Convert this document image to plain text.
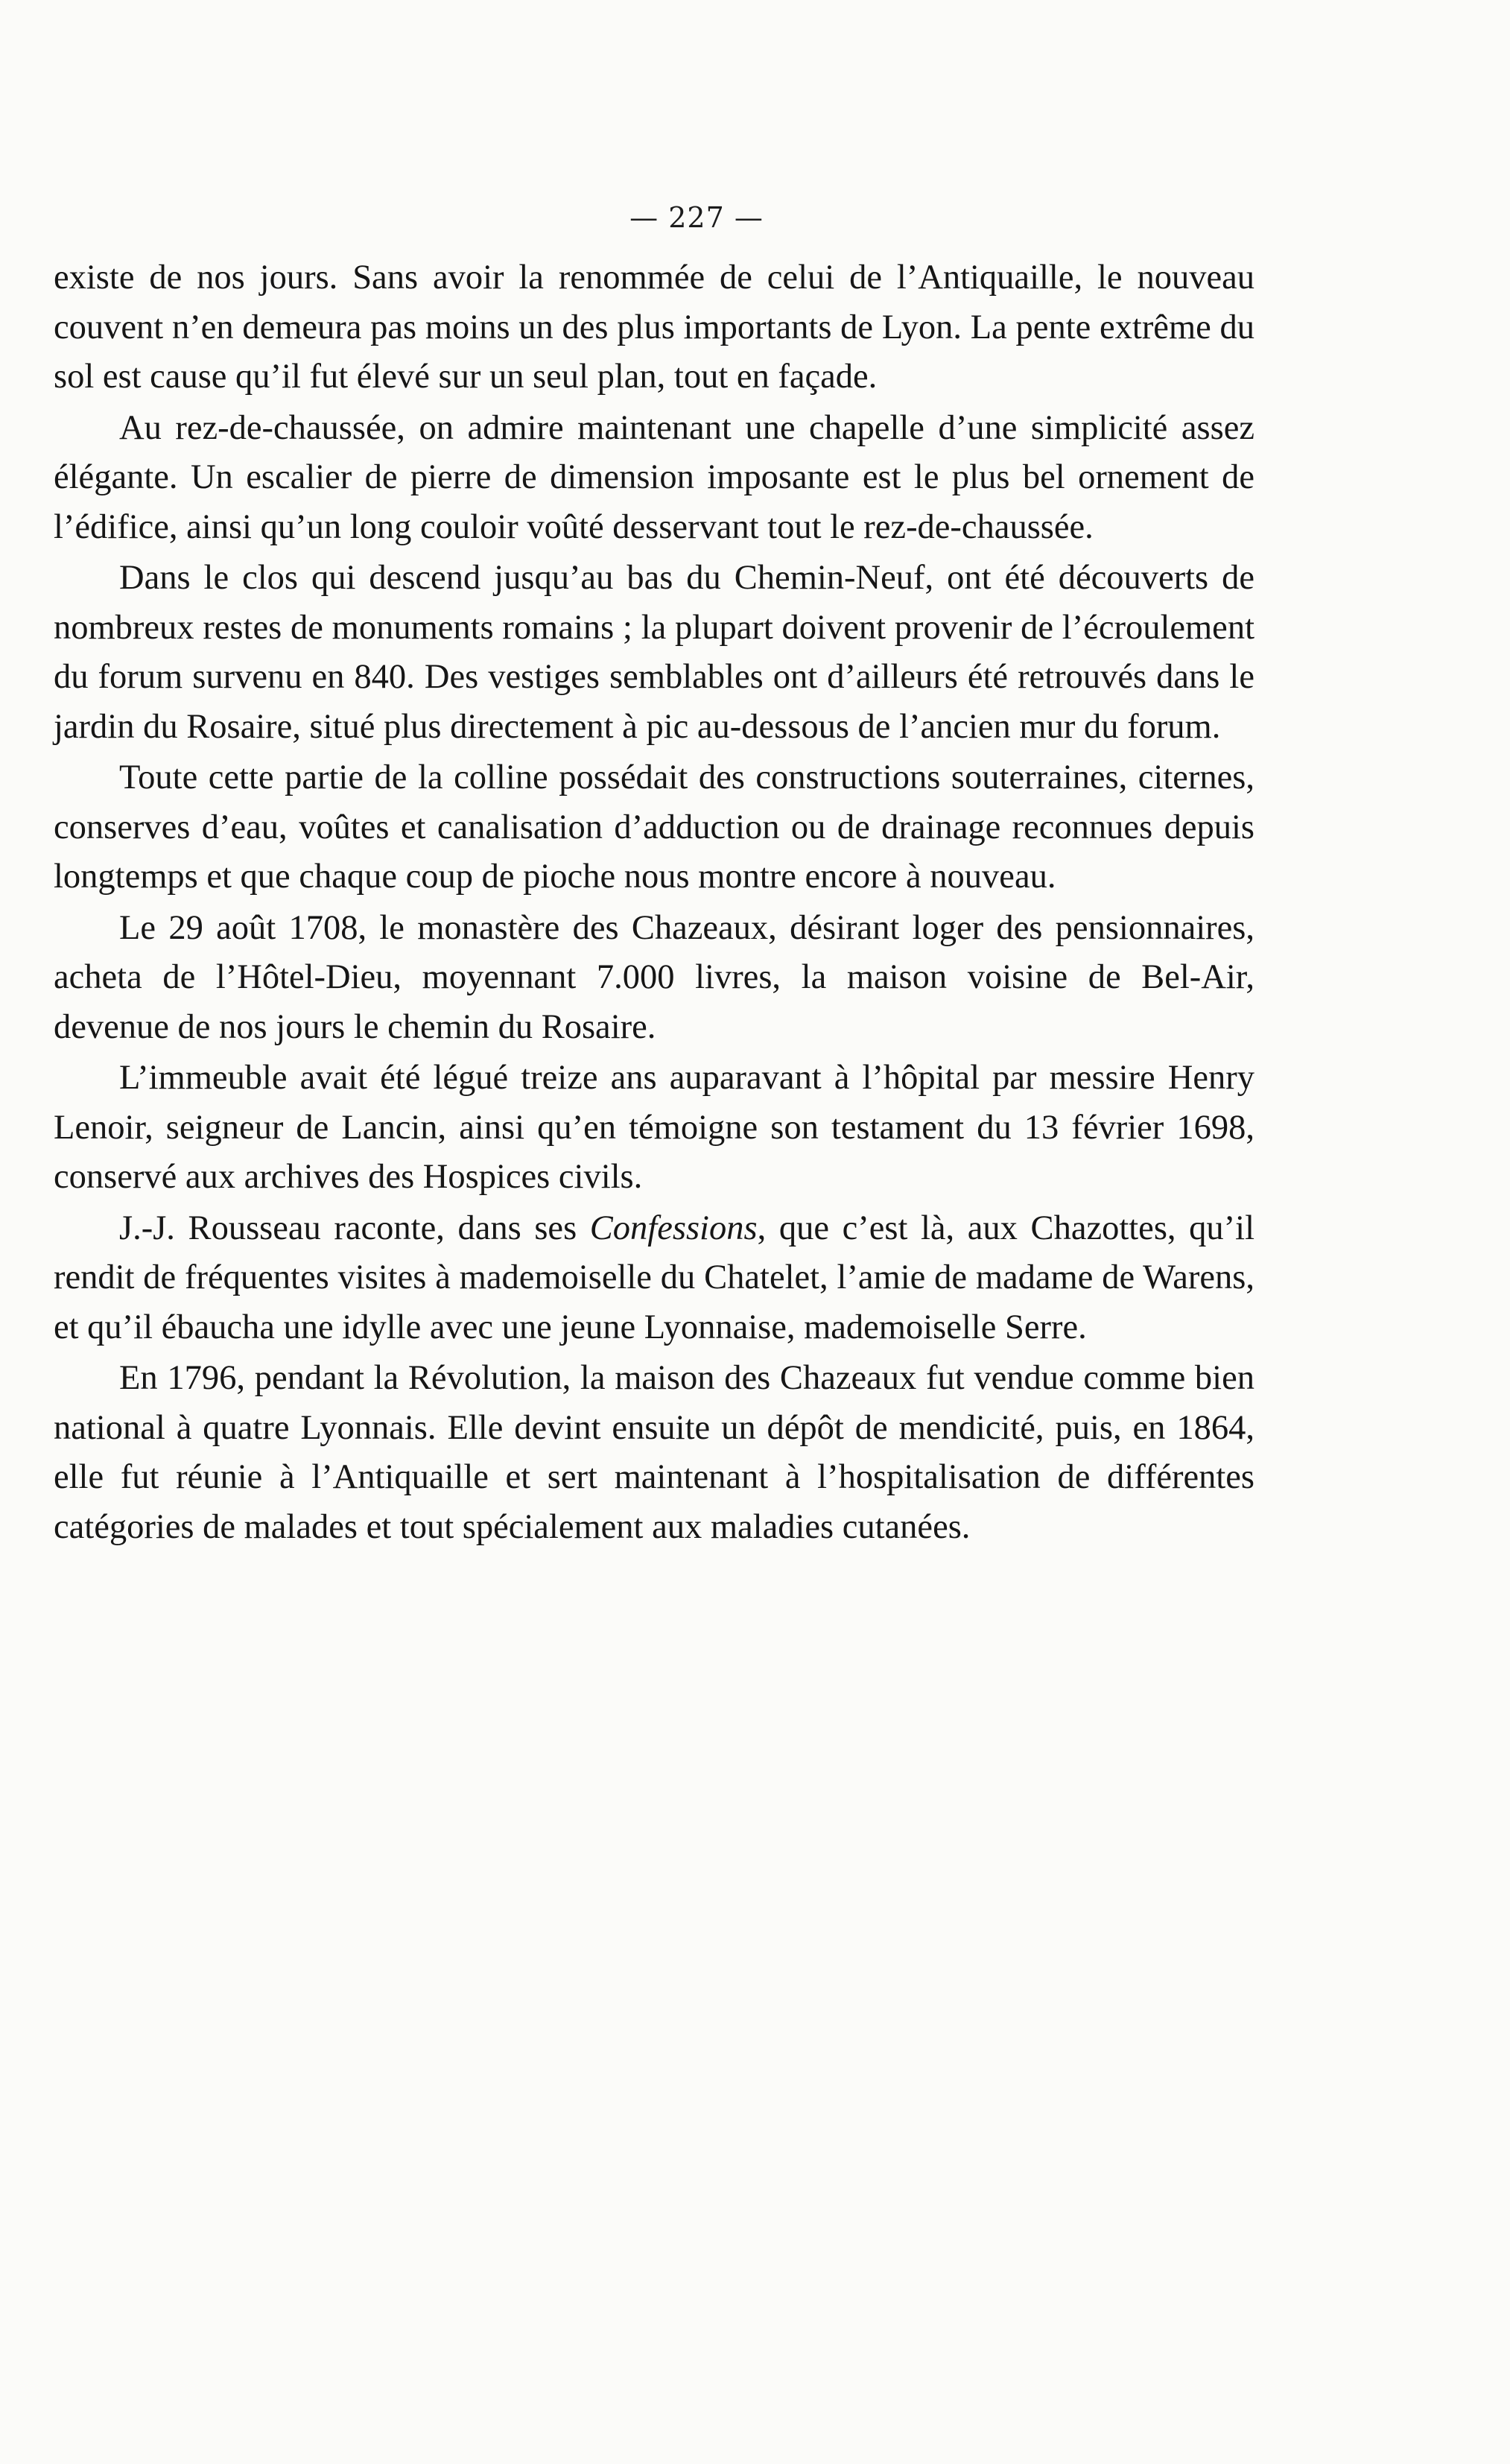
— 227 —

existe de nos jours. Sans avoir la renommée de celui de l’Antiquaille, le nouveau couvent n’en demeura pas moins un des plus importants de Lyon. La pente extrême du sol est cause qu’il fut élevé sur un seul plan, tout en façade.

Au rez-de-chaussée, on admire maintenant une chapelle d’une simplicité assez élégante. Un escalier de pierre de dimension imposante est le plus bel ornement de l’édifice, ainsi qu’un long couloir voûté desservant tout le rez-de-chaussée.

Dans le clos qui descend jusqu’au bas du Chemin-Neuf, ont été découverts de nombreux restes de monuments romains ; la plupart doivent provenir de l’écroulement du forum survenu en 840. Des vestiges semblables ont d’ailleurs été retrouvés dans le jardin du Rosaire, situé plus directement à pic au-dessous de l’ancien mur du forum.

Toute cette partie de la colline possédait des constructions souterraines, citernes, conserves d’eau, voûtes et canalisation d’adduction ou de drainage reconnues depuis longtemps et que chaque coup de pioche nous montre encore à nouveau.

Le 29 août 1708, le monastère des Chazeaux, désirant loger des pensionnaires, acheta de l’Hôtel-Dieu, moyennant 7.000 livres, la maison voisine de Bel-Air, devenue de nos jours le chemin du Rosaire.

L’immeuble avait été légué treize ans auparavant à l’hôpital par messire Henry Lenoir, seigneur de Lancin, ainsi qu’en témoigne son testament du 13 février 1698, conservé aux archives des Hospices civils.

J.-J. Rousseau raconte, dans ses Confessions, que c’est là, aux Chazottes, qu’il rendit de fréquentes visites à mademoiselle du Chatelet, l’amie de madame de Warens, et qu’il ébaucha une idylle avec une jeune Lyonnaise, mademoiselle Serre.

En 1796, pendant la Révolution, la maison des Chazeaux fut vendue comme bien national à quatre Lyonnais. Elle devint ensuite un dépôt de mendicité, puis, en 1864, elle fut réunie à l’Antiquaille et sert maintenant à l’hospitalisation de différentes catégories de malades et tout spécialement aux maladies cutanées.
